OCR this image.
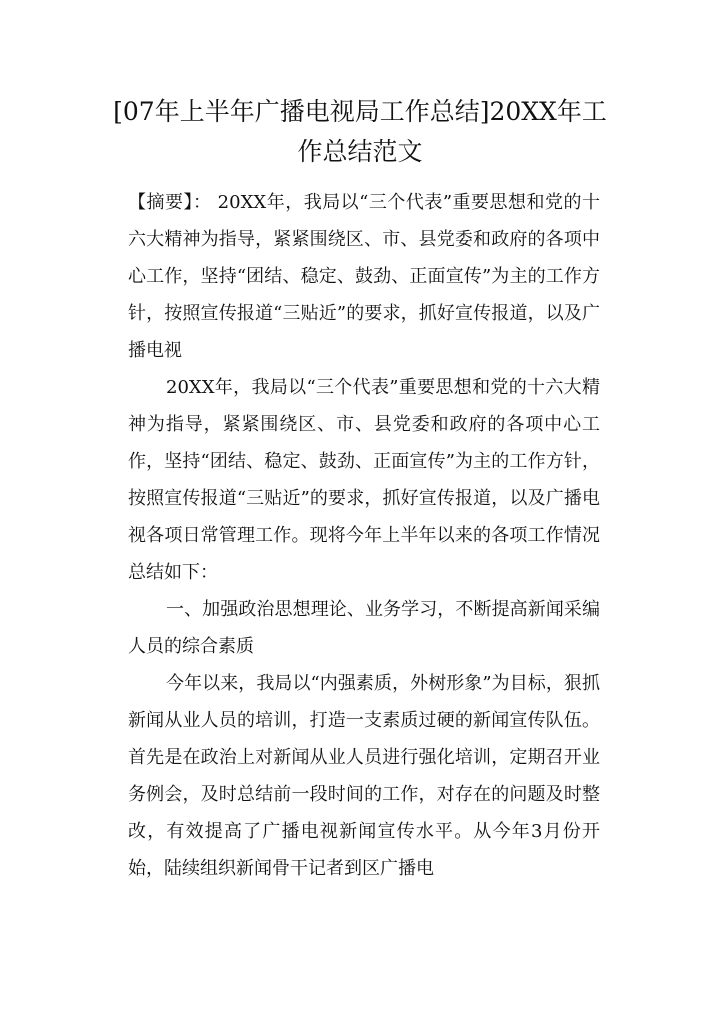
[07年上半年广播电视局工作总结]20XX年工作总结范文

【摘要】： 20XX年，我局以“三个代表”重要思想和党的十六大精神为指导，紧紧围绕区、市、县党委和政府的各项中心工作，坚持“团结、稳定、鼓劲、正面宣传”为主的工作方针，按照宣传报道“三贴近”的要求，抓好宣传报道，以及广播电视

20XX年，我局以“三个代表”重要思想和党的十六大精神为指导，紧紧围绕区、市、县党委和政府的各项中心工作，坚持“团结、稳定、鼓劲、正面宣传”为主的工作方针，按照宣传报道“三贴近”的要求，抓好宣传报道，以及广播电视各项日常管理工作。现将今年上半年以来的各项工作情况总结如下：

一、加强政治思想理论、业务学习，不断提高新闻采编人员的综合素质

今年以来，我局以“内强素质，外树形象”为目标，狠抓新闻从业人员的培训，打造一支素质过硬的新闻宣传队伍。首先是在政治上对新闻从业人员进行强化培训，定期召开业务例会，及时总结前一段时间的工作，对存在的问题及时整改，有效提高了广播电视新闻宣传水平。从今年3月份开始，陆续组织新闻骨干记者到区广播电
